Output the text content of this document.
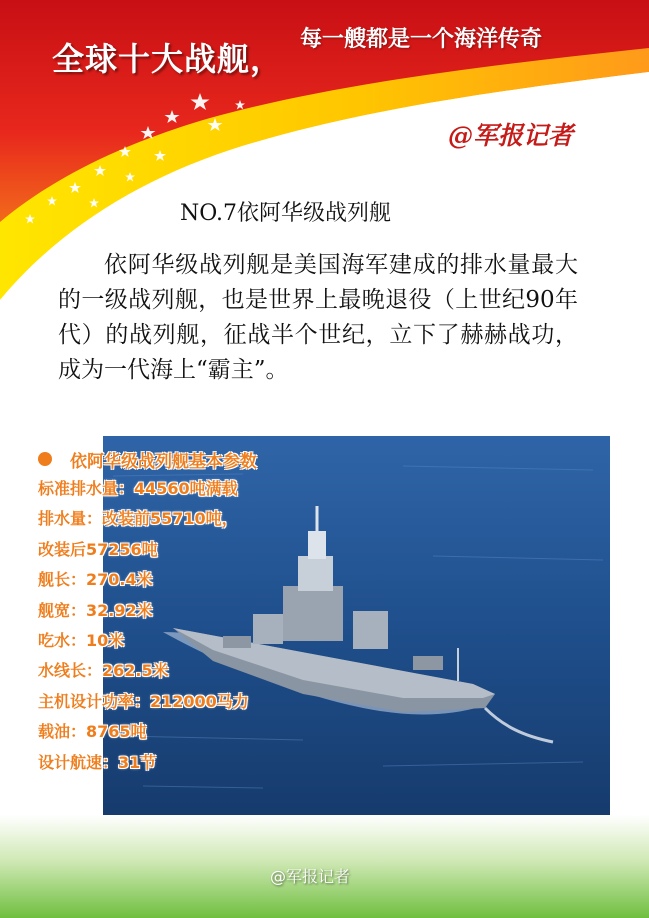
全球十大战舰，
每一艘都是一个海洋传奇
@军报记者
NO.7依阿华级战列舰
依阿华级战列舰是美国海军建成的排水量最大的一级战列舰，也是世界上最晚退役（上世纪90年代）的战列舰，征战半个世纪，立下了赫赫战功，成为一代海上“霸主”。
依阿华级战列舰基本参数
标准排水量：44560吨满载
排水量：改装前55710吨，
改装后57256吨
舰长：270.4米
舰宽：32.92米
吃水：10米
水线长：262.5米
主机设计功率：212000马力
载油：8765吨
设计航速：31节
@军报记者
